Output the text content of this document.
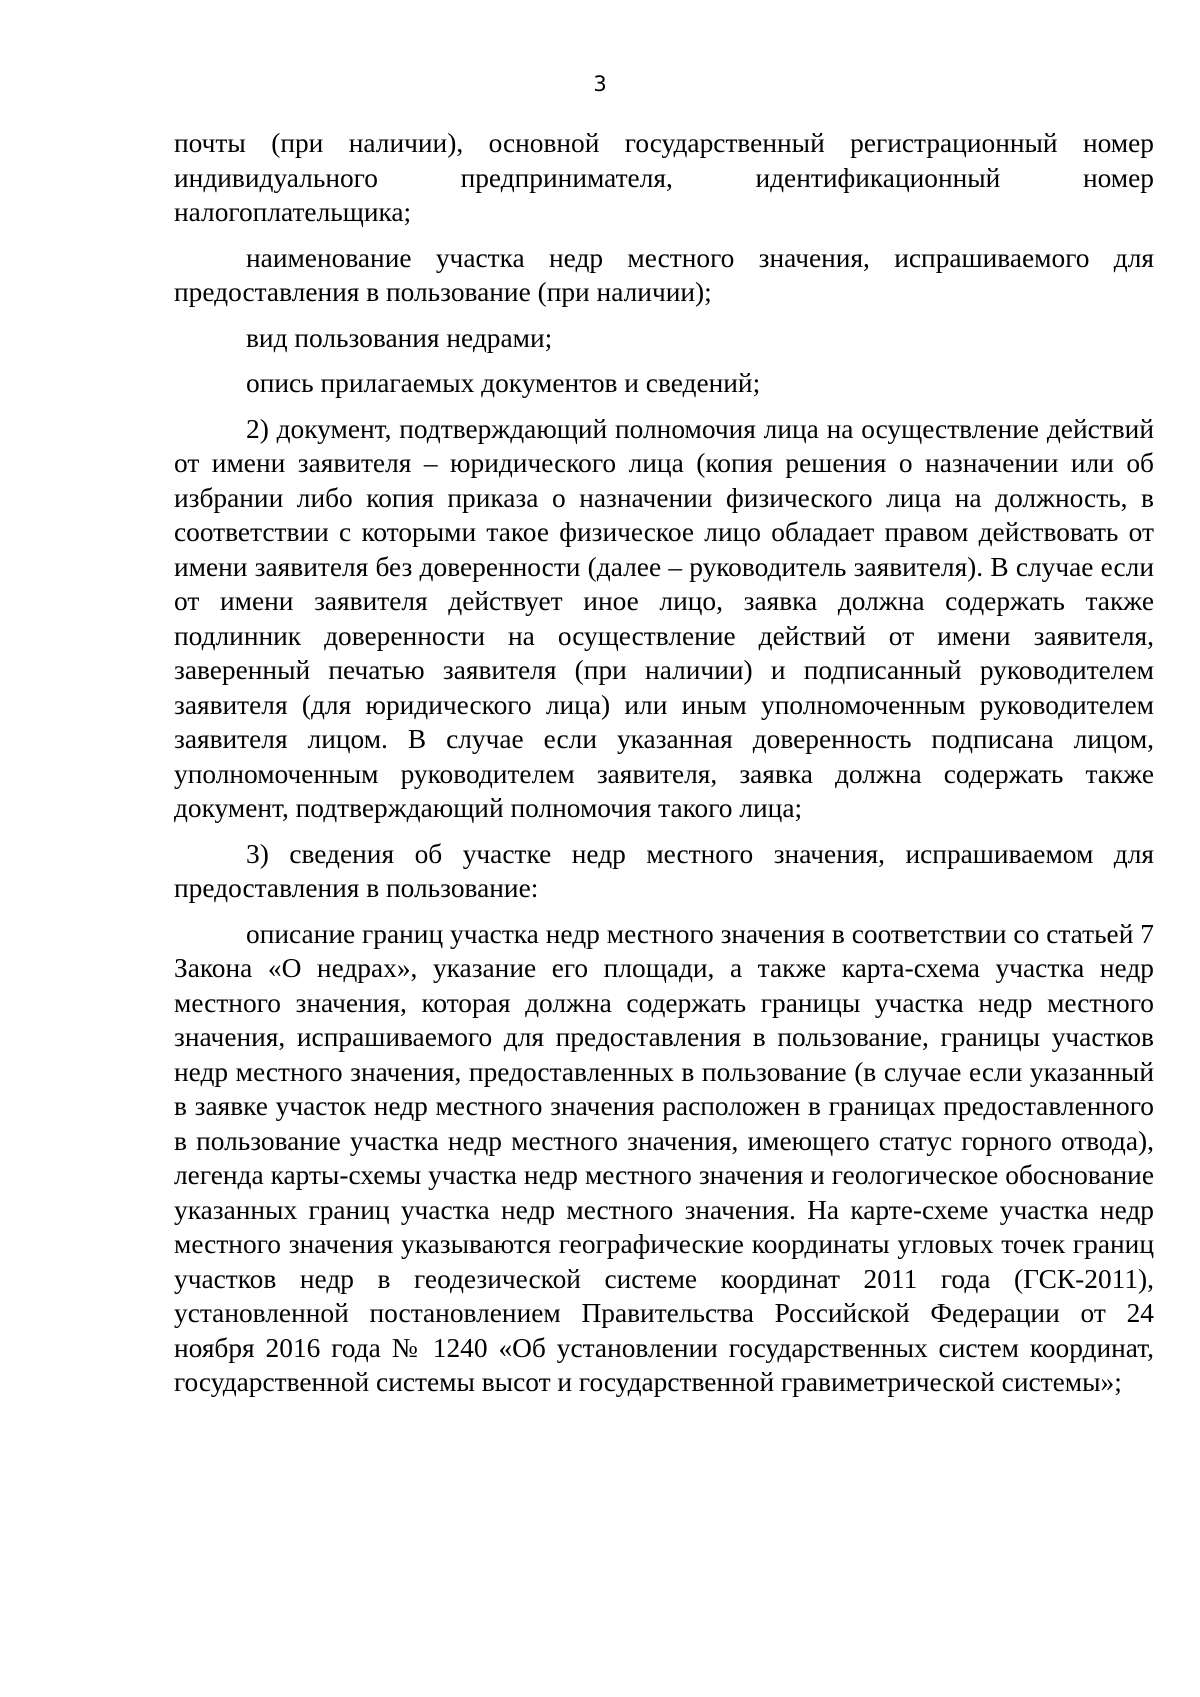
3

почты (при наличии), основной государственный регистрационный номер индивидуального предпринимателя, идентификационный номер налогоплательщика;

наименование участка недр местного значения, испрашиваемого для предоставления в пользование (при наличии);

вид пользования недрами;

опись прилагаемых документов и сведений;

2) документ, подтверждающий полномочия лица на осуществление действий от имени заявителя – юридического лица (копия решения о назначении или об избрании либо копия приказа о назначении физического лица на должность, в соответствии с которыми такое физическое лицо обладает правом действовать от имени заявителя без доверенности (далее – руководитель заявителя). В случае если от имени заявителя действует иное лицо, заявка должна содержать также подлинник доверенности на осуществление действий от имени заявителя, заверенный печатью заявителя (при наличии) и подписанный руководителем заявителя (для юридического лица) или иным уполномоченным руководителем заявителя лицом. В случае если указанная доверенность подписана лицом, уполномоченным руководителем заявителя, заявка должна содержать также документ, подтверждающий полномочия такого лица;

3) сведения об участке недр местного значения, испрашиваемом для предоставления в пользование:

описание границ участка недр местного значения в соответствии со статьей 7 Закона «О недрах», указание его площади, а также карта-схема участка недр местного значения, которая должна содержать границы участка недр местного значения, испрашиваемого для предоставления в пользование, границы участков недр местного значения, предоставленных в пользование (в случае если указанный в заявке участок недр местного значения расположен в границах предоставленного в пользование участка недр местного значения, имеющего статус горного отвода), легенда карты-схемы участка недр местного значения и геологическое обоснование указанных границ участка недр местного значения. На карте-схеме участка недр местного значения указываются географические координаты угловых точек границ участков недр в геодезической системе координат 2011 года (ГСК-2011), установленной постановлением Правительства Российской Федерации от 24 ноября 2016 года № 1240 «Об установлении государственных систем координат, государственной системы высот и государственной гравиметрической системы»;
